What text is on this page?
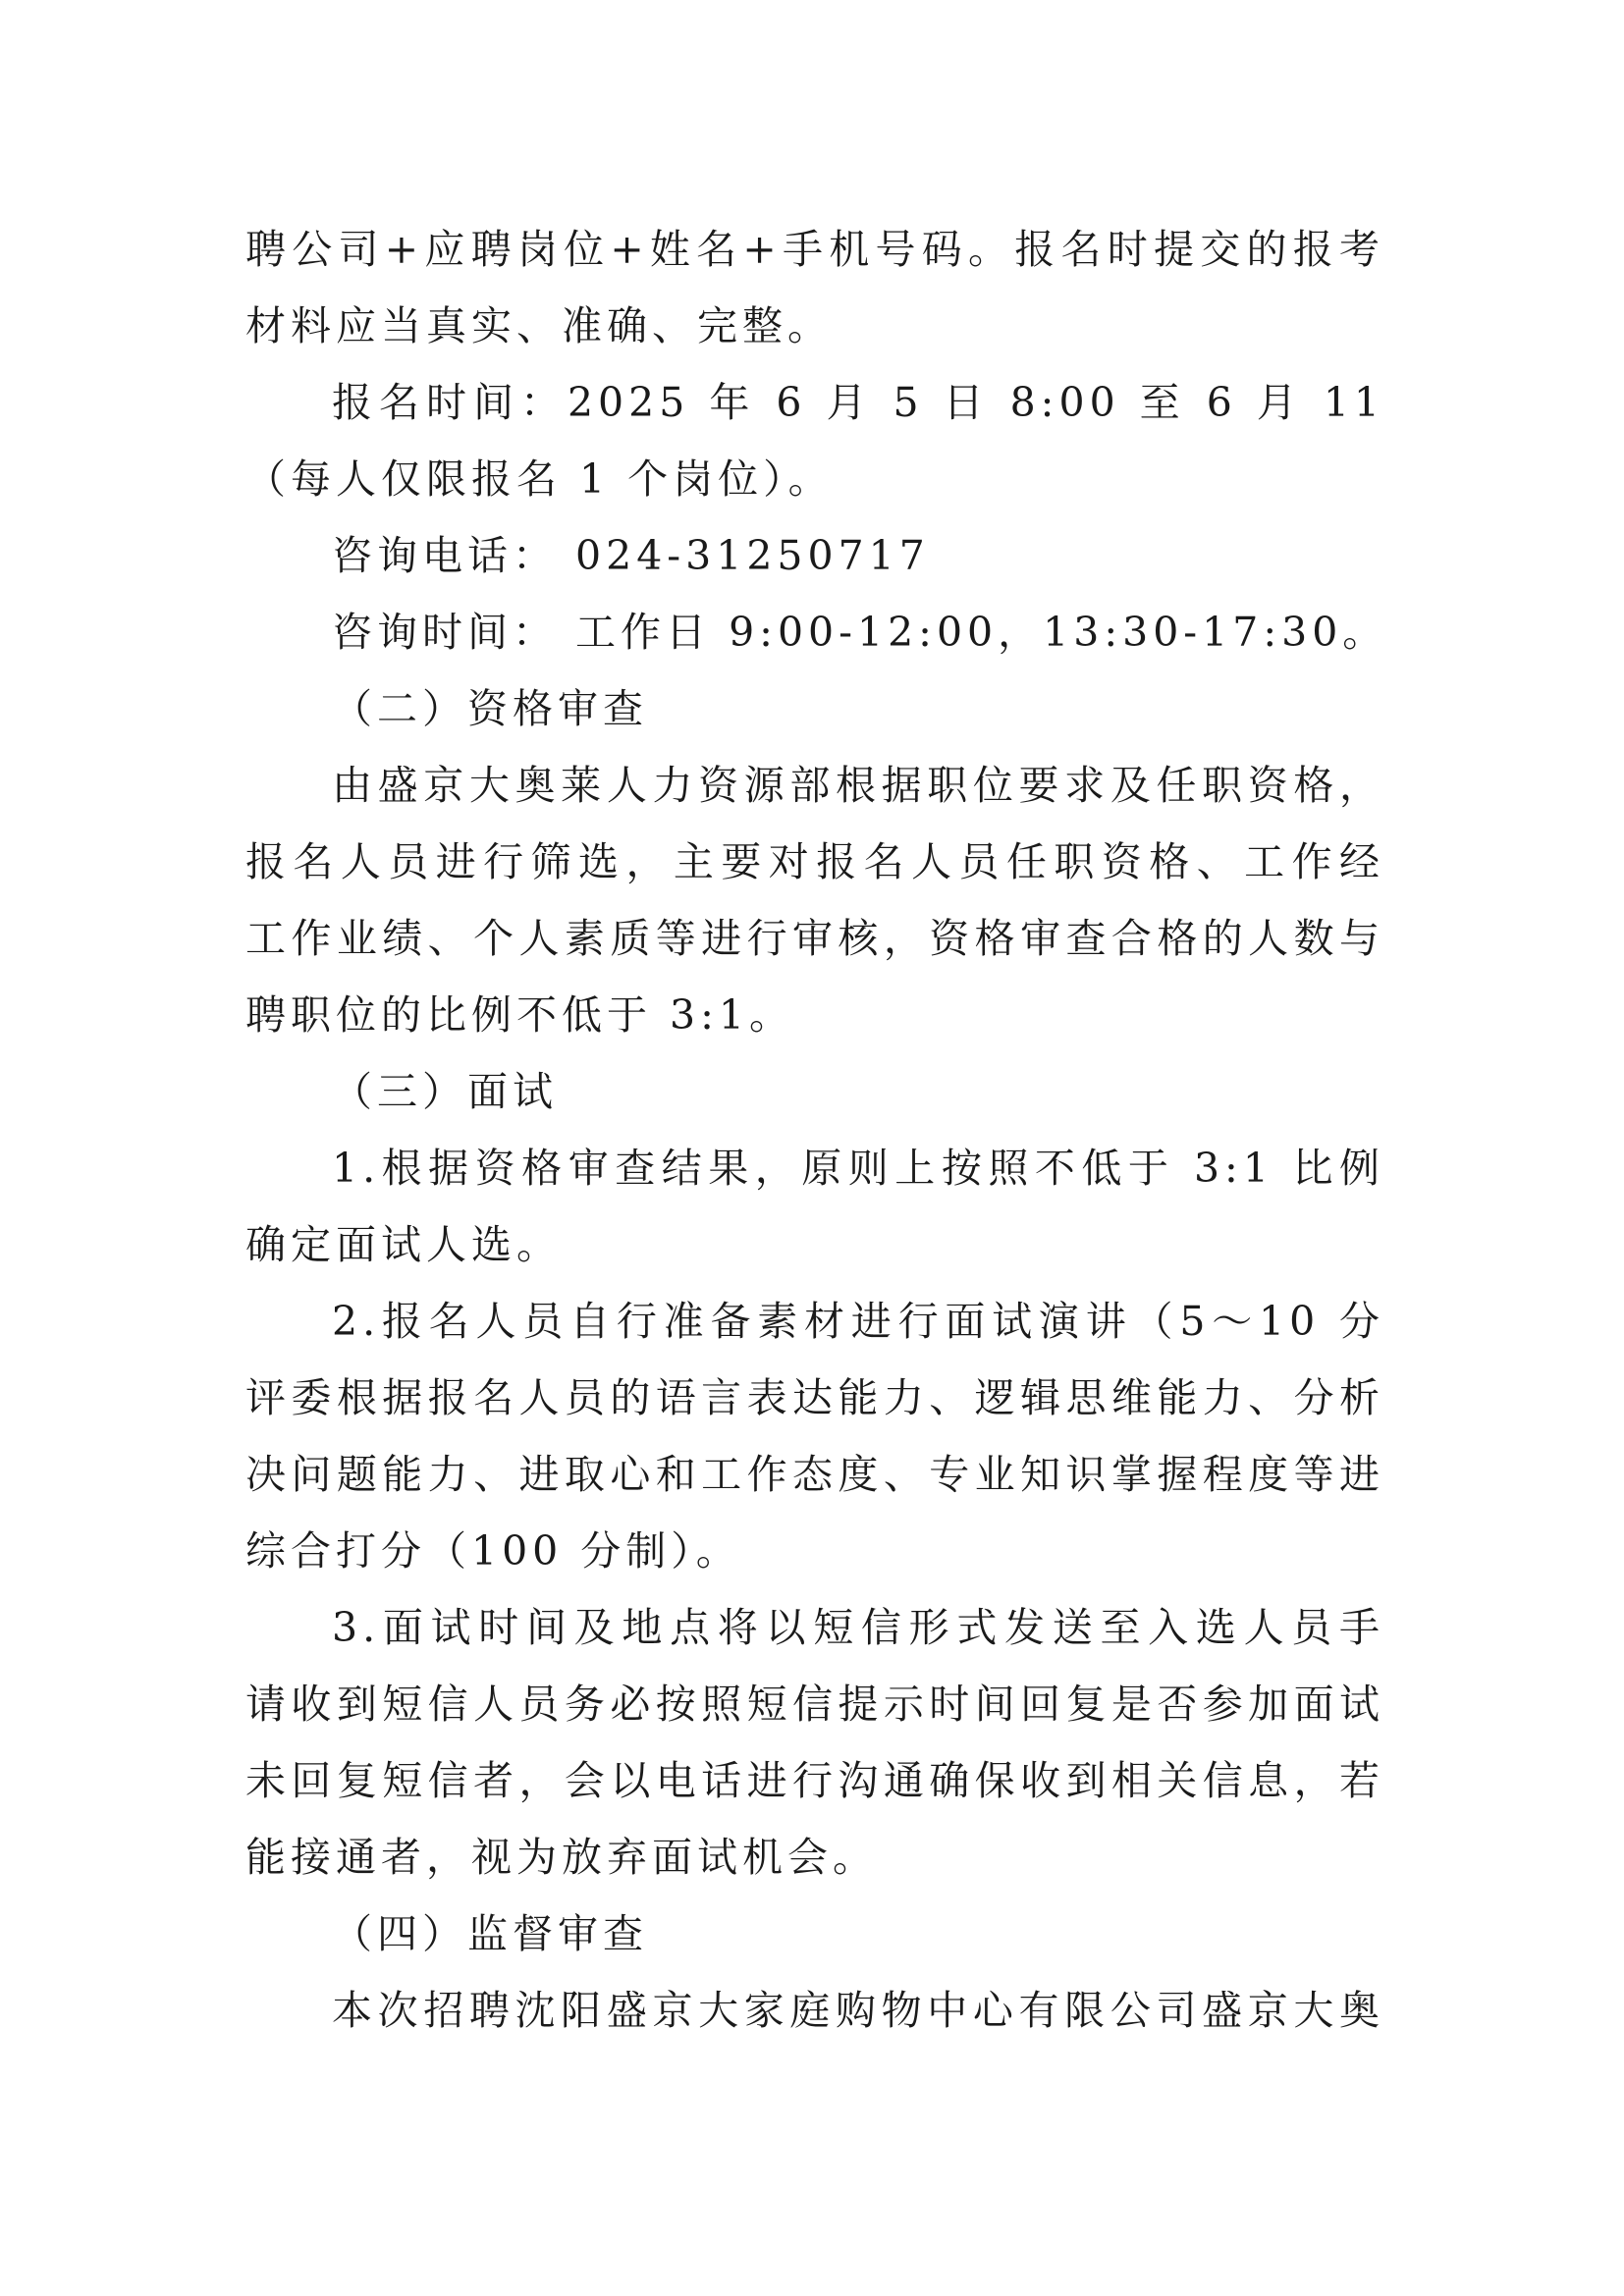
聘公司+应聘岗位+姓名+手机号码。报名时提交的报考
材料应当真实、准确、完整。
报名时间：2025 年 6 月 5 日 8:00 至 6 月 11
（每人仅限报名 1 个岗位）。
咨询电话： 024-31250717
咨询时间： 工作日 9:00-12:00，13:30-17:30。
（二）资格审查
由盛京大奥莱人力资源部根据职位要求及任职资格，
报名人员进行筛选，主要对报名人员任职资格、工作经
工作业绩、个人素质等进行审核，资格审查合格的人数与
聘职位的比例不低于 3:1。
（三）面试
1.根据资格审查结果，原则上按照不低于 3:1 比例
确定面试人选。
2.报名人员自行准备素材进行面试演讲（5～10 分
评委根据报名人员的语言表达能力、逻辑思维能力、分析
决问题能力、进取心和工作态度、专业知识掌握程度等进
综合打分（100 分制）。
3.面试时间及地点将以短信形式发送至入选人员手
请收到短信人员务必按照短信提示时间回复是否参加面试
未回复短信者，会以电话进行沟通确保收到相关信息，若
能接通者，视为放弃面试机会。
（四）监督审查
本次招聘沈阳盛京大家庭购物中心有限公司盛京大奥
